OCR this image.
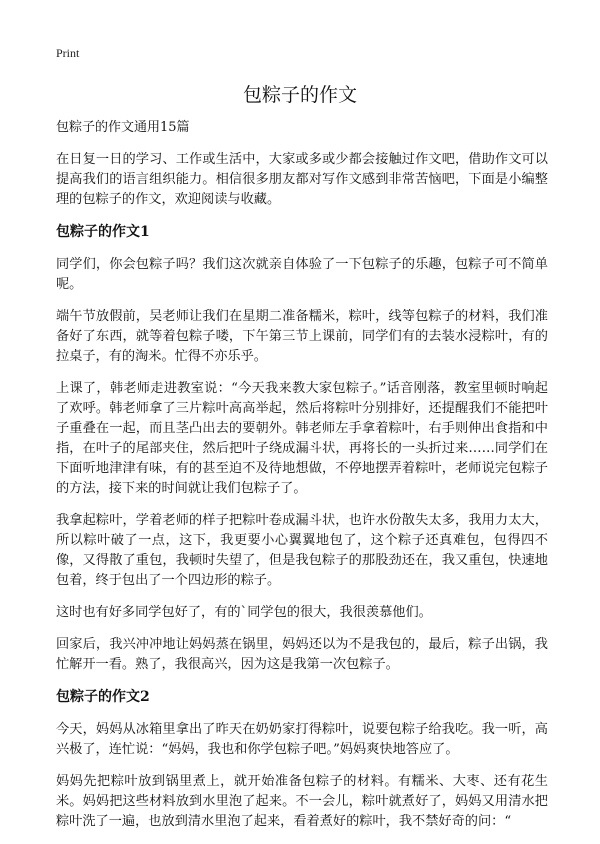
Print
包粽子的作文
包粽子的作文通用15篇

在日复一日的学习、工作或生活中，大家或多或少都会接触过作文吧，借助作文可以提高我们的语言组织能力。相信很多朋友都对写作文感到非常苦恼吧，下面是小编整理的包粽子的作文，欢迎阅读与收藏。

包粽子的作文1

同学们，你会包粽子吗？我们这次就亲自体验了一下包粽子的乐趣，包粽子可不简单呢。

端午节放假前，吴老师让我们在星期二准备糯米，粽叶，线等包粽子的材料，我们准备好了东西，就等着包粽子喽，下午第三节上课前，同学们有的去装水浸粽叶，有的拉桌子，有的淘米。忙得不亦乐乎。

上课了，韩老师走进教室说：“今天我来教大家包粽子。”话音刚落，教室里顿时响起了欢呼。韩老师拿了三片粽叶高高举起，然后将粽叶分别排好，还提醒我们不能把叶子重叠在一起，而且茎凸出去的要朝外。韩老师左手拿着粽叶，右手则伸出食指和中指，在叶子的尾部夹住，然后把叶子绕成漏斗状，再将长的一头折过来……同学们在下面听地津津有味，有的甚至迫不及待地想做，不停地摆弄着粽叶，老师说完包粽子的方法，接下来的时间就让我们包粽子了。

我拿起粽叶，学着老师的样子把粽叶卷成漏斗状，也许水份散失太多，我用力太大，所以粽叶破了一点，这下，我更要小心翼翼地包了，这个粽子还真难包，包得四不像，又得散了重包，我顿时失望了，但是我包粽子的那股劲还在，我又重包，快速地包着，终于包出了一个四边形的粽子。

这时也有好多同学包好了，有的`同学包的很大，我很羡慕他们。

回家后，我兴冲冲地让妈妈蒸在锅里，妈妈还以为不是我包的，最后，粽子出锅，我忙解开一看。熟了，我很高兴，因为这是我第一次包粽子。

包粽子的作文2

今天，妈妈从冰箱里拿出了昨天在奶奶家打得粽叶，说要包粽子给我吃。我一听，高兴极了，连忙说：“妈妈，我也和你学包粽子吧。”妈妈爽快地答应了。

妈妈先把粽叶放到锅里煮上，就开始准备包粽子的材料。有糯米、大枣、还有花生米。妈妈把这些材料放到水里泡了起来。不一会儿，粽叶就煮好了，妈妈又用清水把粽叶洗了一遍，也放到清水里泡了起来，看着煮好的粽叶，我不禁好奇的问：“
